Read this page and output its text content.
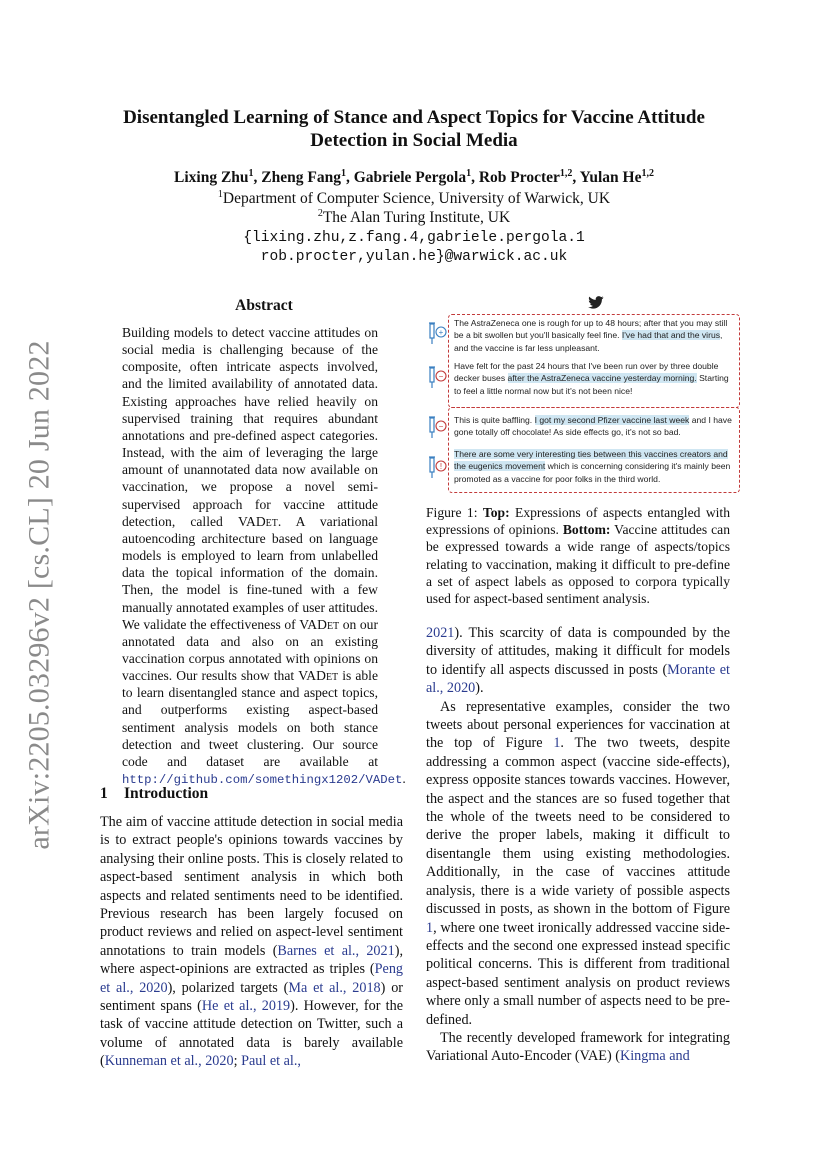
arXiv:2205.03296v2 [cs.CL] 20 Jun 2022
Disentangled Learning of Stance and Aspect Topics for Vaccine Attitude Detection in Social Media
Lixing Zhu$^1$, Zheng Fang$^1$, Gabriele Pergola$^1$, Rob Procter$^{1,2}$, Yulan He$^{1,2}$
$^1$Department of Computer Science, University of Warwick, UK
$^2$The Alan Turing Institute, UK
{lixing.zhu,z.fang.4,gabriele.pergola.1
rob.procter,yulan.he}@warwick.ac.uk
Abstract
Building models to detect vaccine attitudes on social media is challenging because of the composite, often intricate aspects involved, and the limited availability of annotated data. Existing approaches have relied heavily on supervised training that requires abundant annotations and pre-defined aspect categories. Instead, with the aim of leveraging the large amount of unannotated data now available on vaccination, we propose a novel semi-supervised approach for vaccine attitude detection, called VADet. A variational autoencoding architecture based on language models is employed to learn from unlabelled data the topical information of the domain. Then, the model is fine-tuned with a few manually annotated examples of user attitudes. We validate the effectiveness of VADet on our annotated data and also on an existing vaccination corpus annotated with opinions on vaccines. Our results show that VADet is able to learn disentangled stance and aspect topics, and outperforms existing aspect-based sentiment analysis models on both stance detection and tweet clustering. Our source code and dataset are available at http://github.com/somethingx1202/VADet.
1 Introduction
The aim of vaccine attitude detection in social media is to extract people's opinions towards vaccines by analysing their online posts. This is closely related to aspect-based sentiment analysis in which both aspects and related sentiments need to be identified. Previous research has been largely focused on product reviews and relied on aspect-level sentiment annotations to train models (Barnes et al., 2021), where aspect-opinions are extracted as triples (Peng et al., 2020), polarized targets (Ma et al., 2018) or sentiment spans (He et al., 2019). However, for the task of vaccine attitude detection on Twitter, such a volume of annotated data is barely available (Kunneman et al., 2020; Paul et al.,
+
−
−
!
The AstraZeneca one is rough for up to 48 hours; after that you may still be a bit swollen but you'll basically feel fine. I've had that and the virus, and the vaccine is far less unpleasant.
Have felt for the past 24 hours that I've been run over by three double decker buses after the AstraZeneca vaccine yesterday morning. Starting to feel a little normal now but it's not been nice!
This is quite baffling. I got my second Pfizer vaccine last week and I have gone totally off chocolate! As side effects go, it's not so bad.
There are some very interesting ties between this vaccines creators and the eugenics movement which is concerning considering it's mainly been promoted as a vaccine for poor folks in the third world.
Figure 1: Top: Expressions of aspects entangled with expressions of opinions. Bottom: Vaccine attitudes can be expressed towards a wide range of aspects/topics relating to vaccination, making it difficult to pre-define a set of aspect labels as opposed to corpora typically used for aspect-based sentiment analysis.

2021). This scarcity of data is compounded by the diversity of attitudes, making it difficult for models to identify all aspects discussed in posts (Morante et al., 2020).

As representative examples, consider the two tweets about personal experiences for vaccination at the top of Figure 1. The two tweets, despite addressing a common aspect (vaccine side-effects), express opposite stances towards vaccines. However, the aspect and the stances are so fused together that the whole of the tweets need to be considered to derive the proper labels, making it difficult to disentangle them using existing methodologies. Additionally, in the case of vaccines attitude analysis, there is a wide variety of possible aspects discussed in posts, as shown in the bottom of Figure 1, where one tweet ironically addressed vaccine side-effects and the second one expressed instead specific political concerns. This is different from traditional aspect-based sentiment analysis on product reviews where only a small number of aspects need to be pre-defined.

The recently developed framework for integrating Variational Auto-Encoder (VAE) (Kingma and
